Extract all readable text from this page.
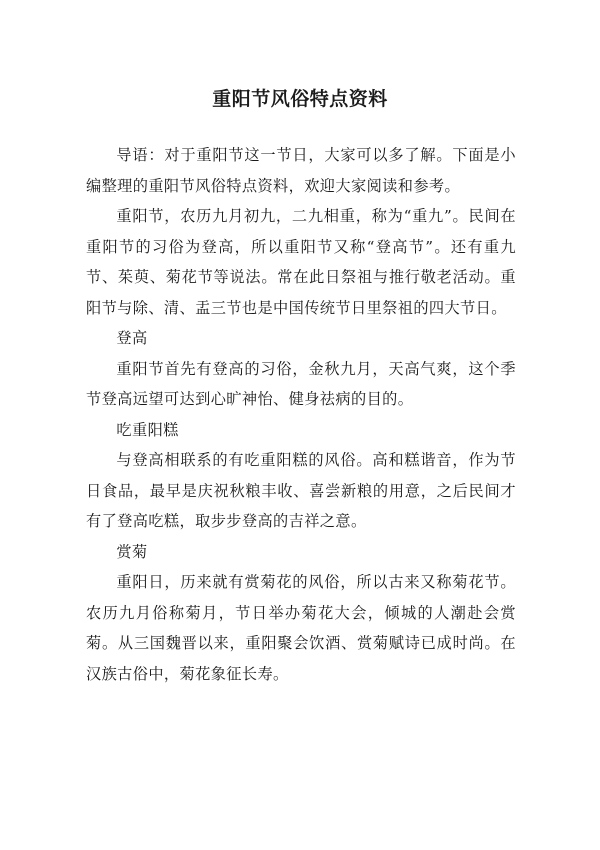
重阳节风俗特点资料

导语：对于重阳节这一节日，大家可以多了解。下面是小编整理的重阳节风俗特点资料，欢迎大家阅读和参考。

重阳节，农历九月初九，二九相重，称为“重九”。民间在重阳节的习俗为登高，所以重阳节又称“登高节”。还有重九节、茱萸、菊花节等说法。常在此日祭祖与推行敬老活动。重阳节与除、清、盂三节也是中国传统节日里祭祖的四大节日。

登高

重阳节首先有登高的习俗，金秋九月，天高气爽，这个季节登高远望可达到心旷神怡、健身祛病的目的。

吃重阳糕

与登高相联系的有吃重阳糕的风俗。高和糕谐音，作为节日食品，最早是庆祝秋粮丰收、喜尝新粮的用意，之后民间才有了登高吃糕，取步步登高的吉祥之意。

赏菊

重阳日，历来就有赏菊花的风俗，所以古来又称菊花节。农历九月俗称菊月，节日举办菊花大会，倾城的人潮赴会赏菊。从三国魏晋以来，重阳聚会饮酒、赏菊赋诗已成时尚。在汉族古俗中，菊花象征长寿。
